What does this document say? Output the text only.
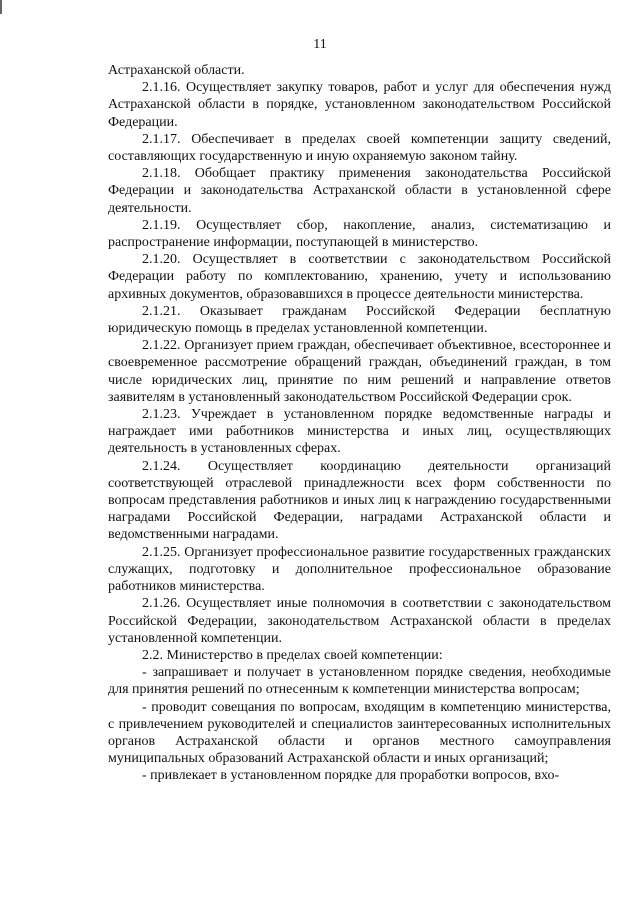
11

Астраханской области.

2.1.16. Осуществляет закупку товаров, работ и услуг для обеспечения нужд Астраханской области в порядке, установленном законодательством Российской Федерации.

2.1.17. Обеспечивает в пределах своей компетенции защиту сведений, составляющих государственную и иную охраняемую законом тайну.

2.1.18. Обобщает практику применения законодательства Российской Федерации и законодательства Астраханской области в установленной сфере деятельности.

2.1.19. Осуществляет сбор, накопление, анализ, систематизацию и распространение информации, поступающей в министерство.

2.1.20. Осуществляет в соответствии с законодательством Российской Федерации работу по комплектованию, хранению, учету и использованию архивных документов, образовавшихся в процессе деятельности министерства.

2.1.21. Оказывает гражданам Российской Федерации бесплатную юридическую помощь в пределах установленной компетенции.

2.1.22. Организует прием граждан, обеспечивает объективное, всестороннее и своевременное рассмотрение обращений граждан, объединений граждан, в том числе юридических лиц, принятие по ним решений и направление ответов заявителям в установленный законодательством Российской Федерации срок.

2.1.23. Учреждает в установленном порядке ведомственные награды и награждает ими работников министерства и иных лиц, осуществляющих деятельность в установленных сферах.

2.1.24. Осуществляет координацию деятельности организаций соответствующей отраслевой принадлежности всех форм собственности по вопросам представления работников и иных лиц к награждению государственными наградами Российской Федерации, наградами Астраханской области и ведомственными наградами.

2.1.25. Организует профессиональное развитие государственных гражданских служащих, подготовку и дополнительное профессиональное образование работников министерства.

2.1.26. Осуществляет иные полномочия в соответствии с законодательством Российской Федерации, законодательством Астраханской области в пределах установленной компетенции.

2.2. Министерство в пределах своей компетенции:

- запрашивает и получает в установленном порядке сведения, необходимые для принятия решений по отнесенным к компетенции министерства вопросам;

- проводит совещания по вопросам, входящим в компетенцию министерства, с привлечением руководителей и специалистов заинтересованных исполнительных органов Астраханской области и органов местного самоуправления муниципальных образований Астраханской области и иных организаций;

- привлекает в установленном порядке для проработки вопросов, вхо-
